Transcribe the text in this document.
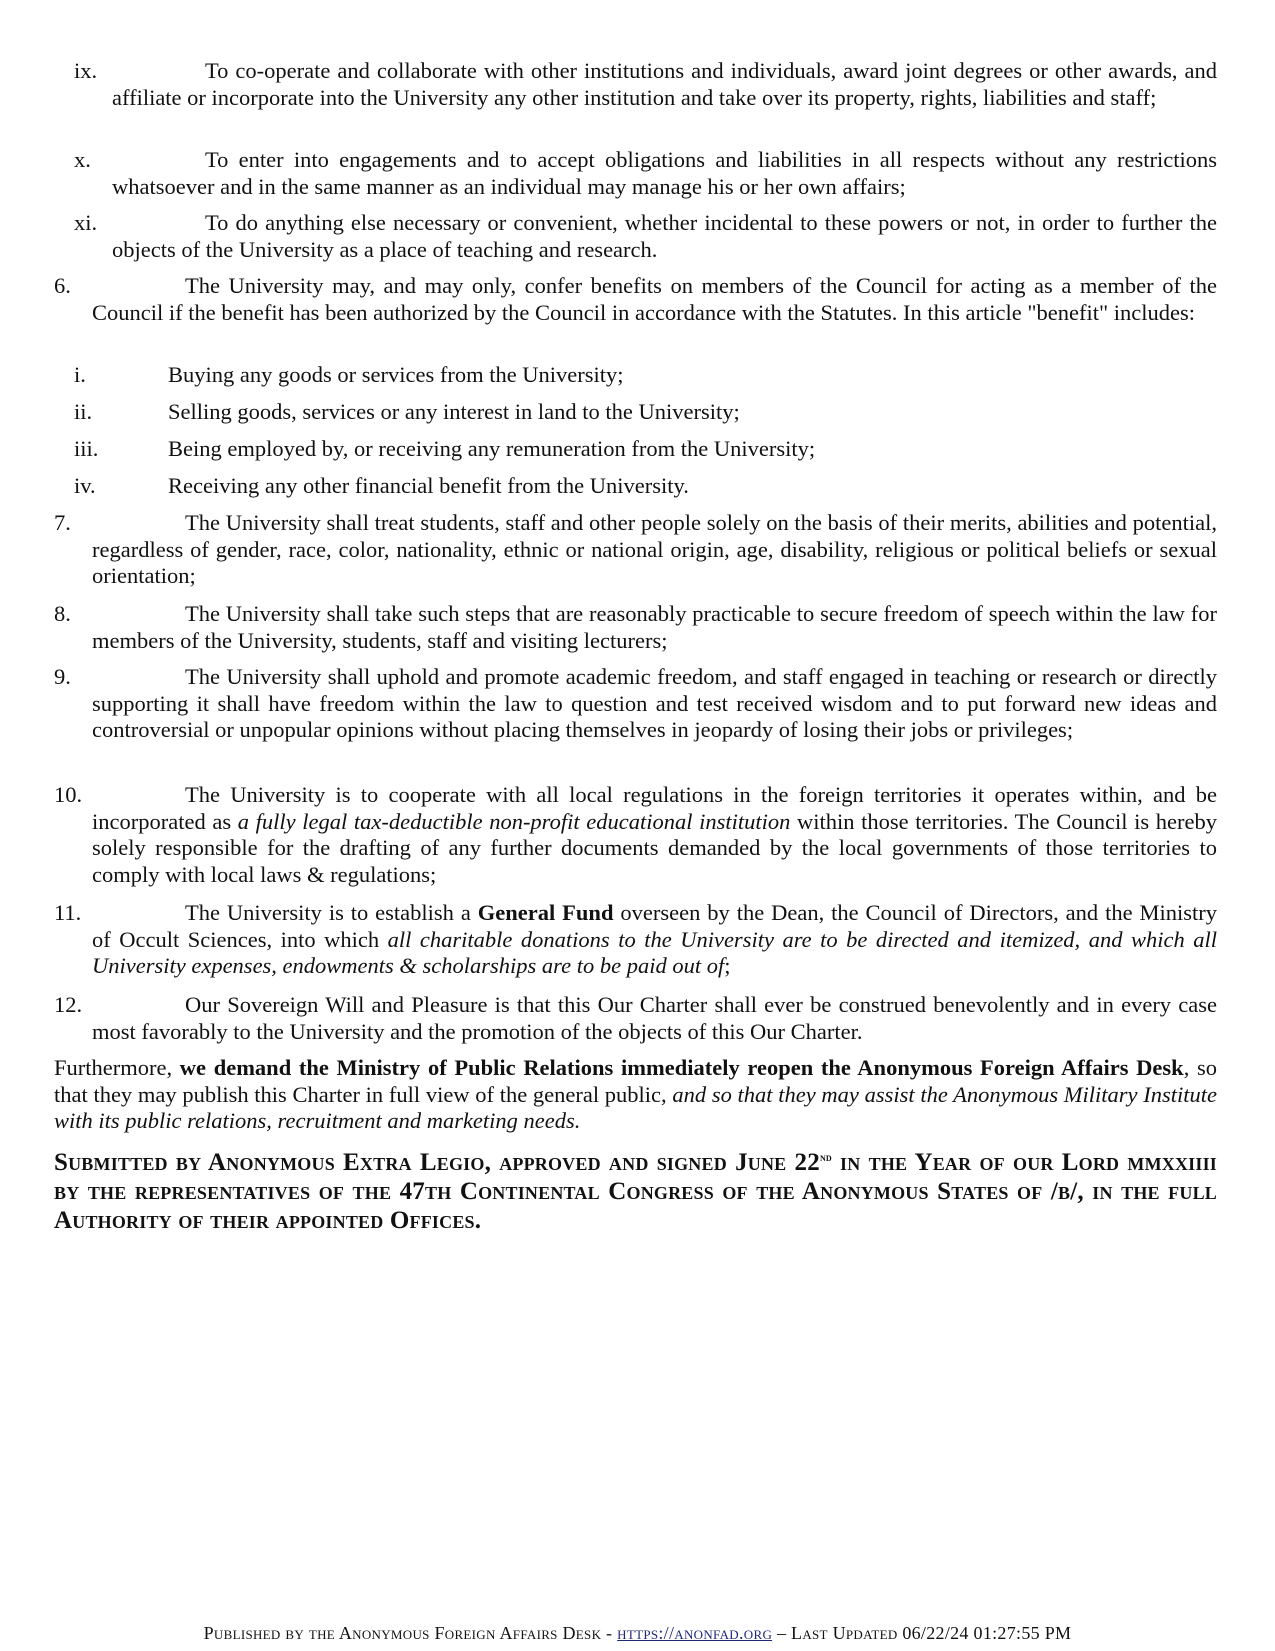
ix.	To co-operate and collaborate with other institutions and individuals, award joint degrees or other awards, and affiliate or incorporate into the University any other institution and take over its property, rights, liabilities and staff;
x.	To enter into engagements and to accept obligations and liabilities in all respects without any restrictions whatsoever and in the same manner as an individual may manage his or her own affairs;
xi.	To do anything else necessary or convenient, whether incidental to these powers or not, in order to further the objects of the University as a place of teaching and research.
6.	The University may, and may only, confer benefits on members of the Council for acting as a member of the Council if the benefit has been authorized by the Council in accordance with the Statutes. In this article "benefit" includes:
i.	Buying any goods or services from the University;
ii.	Selling goods, services or any interest in land to the University;
iii.	Being employed by, or receiving any remuneration from the University;
iv.	Receiving any other financial benefit from the University.
7.	The University shall treat students, staff and other people solely on the basis of their merits, abilities and potential, regardless of gender, race, color, nationality, ethnic or national origin, age, disability, religious or political beliefs or sexual orientation;
8.	The University shall take such steps that are reasonably practicable to secure freedom of speech within the law for members of the University, students, staff and visiting lecturers;
9.	The University shall uphold and promote academic freedom, and staff engaged in teaching or research or directly supporting it shall have freedom within the law to question and test received wisdom and to put forward new ideas and controversial or unpopular opinions without placing themselves in jeopardy of losing their jobs or privileges;
10.	The University is to cooperate with all local regulations in the foreign territories it operates within, and be incorporated as a fully legal tax-deductible non-profit educational institution within those territories. The Council is hereby solely responsible for the drafting of any further documents demanded by the local governments of those territories to comply with local laws & regulations;
11.	The University is to establish a General Fund overseen by the Dean, the Council of Directors, and the Ministry of Occult Sciences, into which all charitable donations to the University are to be directed and itemized, and which all University expenses, endowments & scholarships are to be paid out of;
12.	Our Sovereign Will and Pleasure is that this Our Charter shall ever be construed benevolently and in every case most favorably to the University and the promotion of the objects of this Our Charter.
Furthermore, we demand the Ministry of Public Relations immediately reopen the Anonymous Foreign Affairs Desk, so that they may publish this Charter in full view of the general public, and so that they may assist the Anonymous Military Institute with its public relations, recruitment and marketing needs.
Submitted by Anonymous Extra Legio, approved and signed June 22nd in the Year of our Lord mmxxiiii by the representatives of the 47th Continental Congress of the Anonymous States of /b/, in the full Authority of their appointed Offices.
Published by the Anonymous Foreign Affairs Desk - https://anonfad.org – Last Updated 06/22/24 01:27:55 PM
